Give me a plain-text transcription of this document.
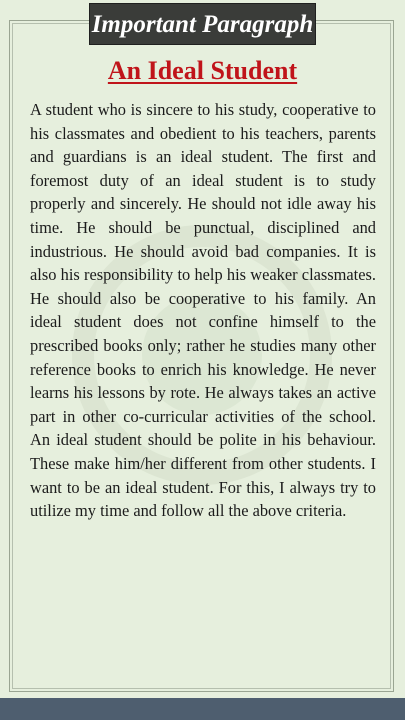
Important Paragraph
An Ideal Student

A student who is sincere to his study, cooperative to his classmates and obedient to his teachers, parents and guardians is an ideal student. The first and foremost duty of an ideal student is to study properly and sincerely. He should not idle away his time. He should be punctual, disciplined and industrious. He should avoid bad companies. It is also his responsibility to help his weaker classmates. He should also be cooperative to his family. An ideal student does not confine himself to the prescribed books only; rather he studies many other reference books to enrich his knowledge. He never learns his lessons by rote. He always takes an active part in other co-curricular activities of the school. An ideal student should be polite in his behaviour. These make him/her different from other students. I want to be an ideal student. For this, I always try to utilize my time and follow all the above criteria.
